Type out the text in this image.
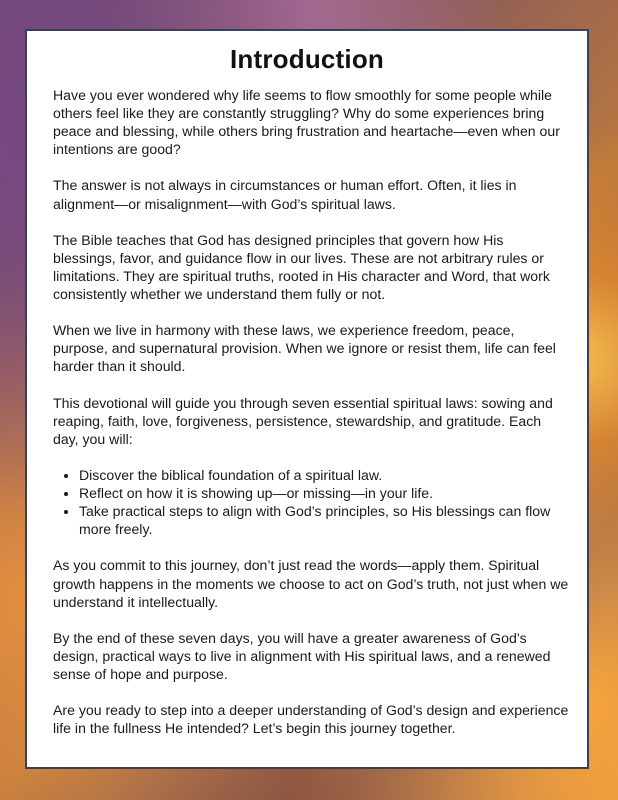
Introduction

Have you ever wondered why life seems to flow smoothly for some people while others feel like they are constantly struggling? Why do some experiences bring peace and blessing, while others bring frustration and heartache—even when our intentions are good?

The answer is not always in circumstances or human effort. Often, it lies in alignment—or misalignment—with God’s spiritual laws.

The Bible teaches that God has designed principles that govern how His blessings, favor, and guidance flow in our lives. These are not arbitrary rules or limitations. They are spiritual truths, rooted in His character and Word, that work consistently whether we understand them fully or not.

When we live in harmony with these laws, we experience freedom, peace, purpose, and supernatural provision. When we ignore or resist them, life can feel harder than it should.

This devotional will guide you through seven essential spiritual laws: sowing and reaping, faith, love, forgiveness, persistence, stewardship, and gratitude. Each day, you will:

• Discover the biblical foundation of a spiritual law.
• Reflect on how it is showing up—or missing—in your life.
• Take practical steps to align with God’s principles, so His blessings can flow more freely.

As you commit to this journey, don’t just read the words—apply them. Spiritual growth happens in the moments we choose to act on God’s truth, not just when we understand it intellectually.

By the end of these seven days, you will have a greater awareness of God’s design, practical ways to live in alignment with His spiritual laws, and a renewed sense of hope and purpose.

Are you ready to step into a deeper understanding of God’s design and experience life in the fullness He intended? Let’s begin this journey together.
